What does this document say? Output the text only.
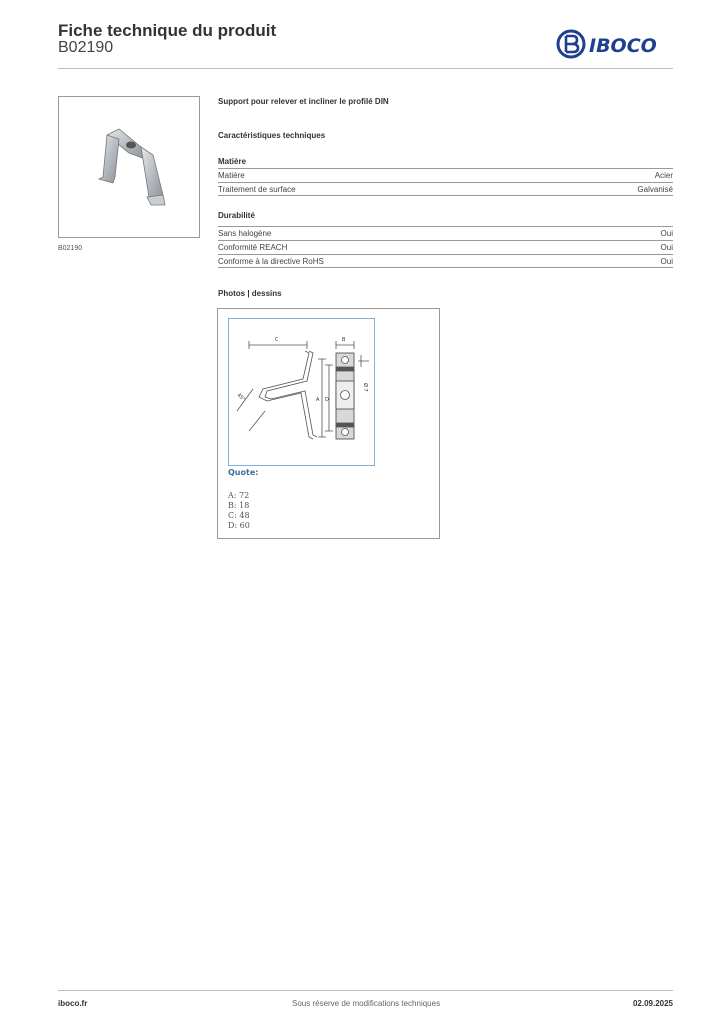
Fiche technique du produit
B02190	IBOCO
B02190
Support pour relever et incliner le profilé DIN
Caractéristiques techniques
Matière
Matière	Acier
Traitement de surface	Galvanisé
Durabilité
Sans halogène	Oui
Conformité REACH	Oui
Conforme à la directive RoHS	Oui
Photos | dessins
C	B
A D
Ø 7
45°
Quote:
A: 72
B: 18
C: 48
D: 60
iboco.fr	Sous réserve de modifications techniques	02.09.2025
